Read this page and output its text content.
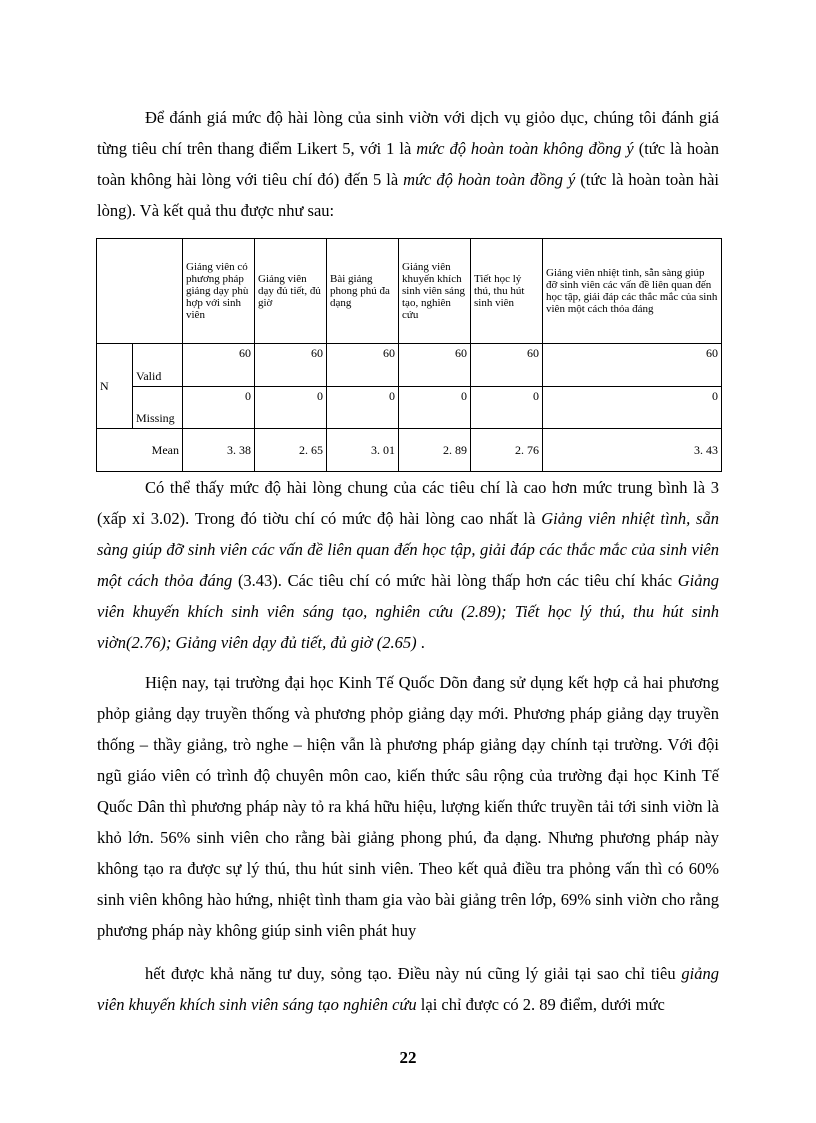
Để đánh giá mức độ hài lòng của sinh viờn với dịch vụ giỏo dục, chúng tôi đánh giá từng tiêu chí trên thang điểm Likert 5, với 1 là mức độ hoàn toàn không đồng ý (tức là hoàn toàn không hài lòng với tiêu chí đó) đến 5 là mức độ hoàn toàn đồng ý (tức là hoàn toàn hài lòng). Và kết quả thu được như sau:

		Giảng viên có phương pháp giảng dạy phù hợp với sinh viên	Giảng viên dạy đủ tiết, đủ giờ	Bài giảng phong phú đa dạng	Giảng viên khuyến khích sinh viên sáng tạo, nghiên cứu	Tiết học lý thú, thu hút sinh viên	Giảng viên nhiệt tình, sẵn sàng giúp đỡ sinh viên các vấn đề liên quan đến học tập, giải đáp các thắc mắc của sinh viên một cách thỏa đáng
N	Valid	60	60	60	60	60	60
	Missing	0	0	0	0	0	0
Mean		3. 38	2. 65	3. 01	2. 89	2. 76	3. 43

Có thể thấy mức độ hài lòng chung của các tiêu chí là cao hơn mức trung bình là 3 (xấp xỉ 3.02). Trong đó tiờu chí có mức độ hài lòng cao nhất là Giảng viên nhiệt tình, sẵn sàng giúp đỡ sinh viên các vấn đề liên quan đến học tập, giải đáp các thắc mắc của sinh viên một cách thỏa đáng (3.43). Các tiêu chí có mức hài lòng thấp hơn các tiêu chí khác Giảng viên khuyến khích sinh viên sáng tạo, nghiên cứu (2.89); Tiết học lý thú, thu hút sinh viờn(2.76); Giảng viên dạy đủ tiết, đủ giờ (2.65) .

Hiện nay, tại trường đại học Kinh Tế Quốc Dõn đang sử dụng kết hợp cả hai phương phỏp giảng dạy truyền thống và phương phỏp giảng dạy mới. Phương pháp giảng dạy truyền thống – thầy giảng, trò nghe – hiện vẫn là phương pháp giảng dạy chính tại trường. Với đội ngũ giáo viên có trình độ chuyên môn cao, kiến thức sâu rộng của trường đại học Kinh Tế Quốc Dân thì phương pháp này tỏ ra khá hữu hiệu, lượng kiến thức truyền tải tới sinh viờn là khỏ lớn. 56% sinh viên cho rằng bài giảng phong phú, đa dạng. Nhưng phương pháp này không tạo ra được sự lý thú, thu hút sinh viên. Theo kết quả điều tra phỏng vấn thì có 60% sinh viên không hào hứng, nhiệt tình tham gia vào bài giảng trên lớp, 69% sinh viờn cho rằng phương pháp này không giúp sinh viên phát huy

hết được khả năng tư duy, sỏng tạo. Điều này nú cũng lý giải tại sao chỉ tiêu giảng viên khuyến khích sinh viên sáng tạo nghiên cứu lại chỉ được có 2. 89 điểm, dưới mức

22
